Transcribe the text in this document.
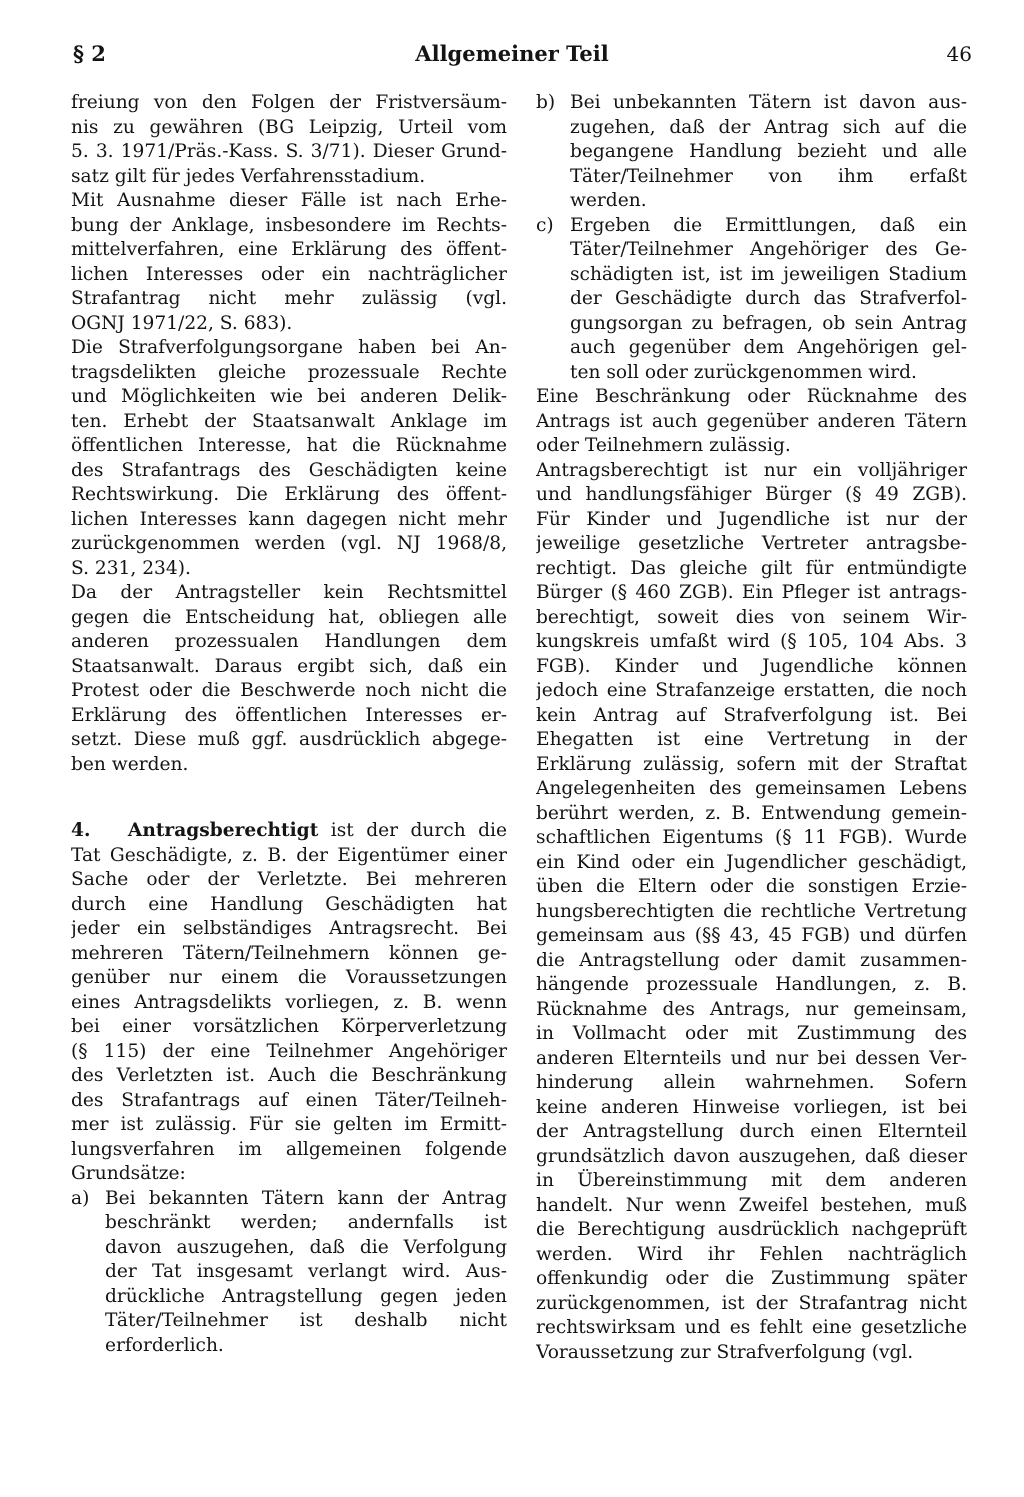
§ 2	Allgemeiner Teil	46
freiung von den Folgen der Fristversäum-
nis zu gewähren (BG Leipzig, Urteil vom
5. 3. 1971/Präs.-Kass. S. 3/71). Dieser Grund-
satz gilt für jedes Verfahrensstadium.
Mit Ausnahme dieser Fälle ist nach Erhe-
bung der Anklage, insbesondere im Rechts-
mittelverfahren, eine Erklärung des öffent-
lichen Interesses oder ein nachträglicher
Strafantrag nicht mehr zulässig (vgl.
OGNJ 1971/22, S. 683).
Die Strafverfolgungsorgane haben bei An-
tragsdelikten gleiche prozessuale Rechte
und Möglichkeiten wie bei anderen Delik-
ten. Erhebt der Staatsanwalt Anklage im
öffentlichen Interesse, hat die Rücknahme
des Strafantrags des Geschädigten keine
Rechtswirkung. Die Erklärung des öffent-
lichen Interesses kann dagegen nicht mehr
zurückgenommen werden (vgl. NJ 1968/8,
S. 231, 234).
Da der Antragsteller kein Rechtsmittel
gegen die Entscheidung hat, obliegen alle
anderen prozessualen Handlungen dem
Staatsanwalt. Daraus ergibt sich, daß ein
Protest oder die Beschwerde noch nicht die
Erklärung des öffentlichen Interesses er-
setzt. Diese muß ggf. ausdrücklich abgege-
ben werden.
4. Antragsberechtigt ist der durch die
Tat Geschädigte, z. B. der Eigentümer einer
Sache oder der Verletzte. Bei mehreren
durch eine Handlung Geschädigten hat
jeder ein selbständiges Antragsrecht. Bei
mehreren Tätern/Teilnehmern können ge-
genüber nur einem die Voraussetzungen
eines Antragsdelikts vorliegen, z. B. wenn
bei einer vorsätzlichen Körperverletzung
(§ 115) der eine Teilnehmer Angehöriger
des Verletzten ist. Auch die Beschränkung
des Strafantrags auf einen Täter/Teilneh-
mer ist zulässig. Für sie gelten im Ermitt-
lungsverfahren im allgemeinen folgende
Grundsätze:
a) Bei bekannten Tätern kann der Antrag
beschränkt werden; andernfalls ist
davon auszugehen, daß die Verfolgung
der Tat insgesamt verlangt wird. Aus-
drückliche Antragstellung gegen jeden
Täter/Teilnehmer ist deshalb nicht
erforderlich.
b) Bei unbekannten Tätern ist davon aus-
zugehen, daß der Antrag sich auf die
begangene Handlung bezieht und alle
Täter/Teilnehmer von ihm erfaßt
werden.
c) Ergeben die Ermittlungen, daß ein
Täter/Teilnehmer Angehöriger des Ge-
schädigten ist, ist im jeweiligen Stadium
der Geschädigte durch das Strafverfol-
gungsorgan zu befragen, ob sein Antrag
auch gegenüber dem Angehörigen gel-
ten soll oder zurückgenommen wird.
Eine Beschränkung oder Rücknahme des
Antrags ist auch gegenüber anderen Tätern
oder Teilnehmern zulässig.
Antragsberechtigt ist nur ein volljähriger
und handlungsfähiger Bürger (§ 49 ZGB).
Für Kinder und Jugendliche ist nur der
jeweilige gesetzliche Vertreter antragsbe-
rechtigt. Das gleiche gilt für entmündigte
Bürger (§ 460 ZGB). Ein Pfleger ist antrags-
berechtigt, soweit dies von seinem Wir-
kungskreis umfaßt wird (§ 105, 104 Abs. 3
FGB). Kinder und Jugendliche können
jedoch eine Strafanzeige erstatten, die noch
kein Antrag auf Strafverfolgung ist. Bei
Ehegatten ist eine Vertretung in der
Erklärung zulässig, sofern mit der Straftat
Angelegenheiten des gemeinsamen Lebens
berührt werden, z. B. Entwendung gemein-
schaftlichen Eigentums (§ 11 FGB). Wurde
ein Kind oder ein Jugendlicher geschädigt,
üben die Eltern oder die sonstigen Erzie-
hungsberechtigten die rechtliche Vertretung
gemeinsam aus (§§ 43, 45 FGB) und dürfen
die Antragstellung oder damit zusammen-
hängende prozessuale Handlungen, z. B.
Rücknahme des Antrags, nur gemeinsam,
in Vollmacht oder mit Zustimmung des
anderen Elternteils und nur bei dessen Ver-
hinderung allein wahrnehmen. Sofern
keine anderen Hinweise vorliegen, ist bei
der Antragstellung durch einen Elternteil
grundsätzlich davon auszugehen, daß dieser
in Übereinstimmung mit dem anderen
handelt. Nur wenn Zweifel bestehen, muß
die Berechtigung ausdrücklich nachgeprüft
werden. Wird ihr Fehlen nachträglich
offenkundig oder die Zustimmung später
zurückgenommen, ist der Strafantrag nicht
rechtswirksam und es fehlt eine gesetzliche
Voraussetzung zur Strafverfolgung (vgl.
